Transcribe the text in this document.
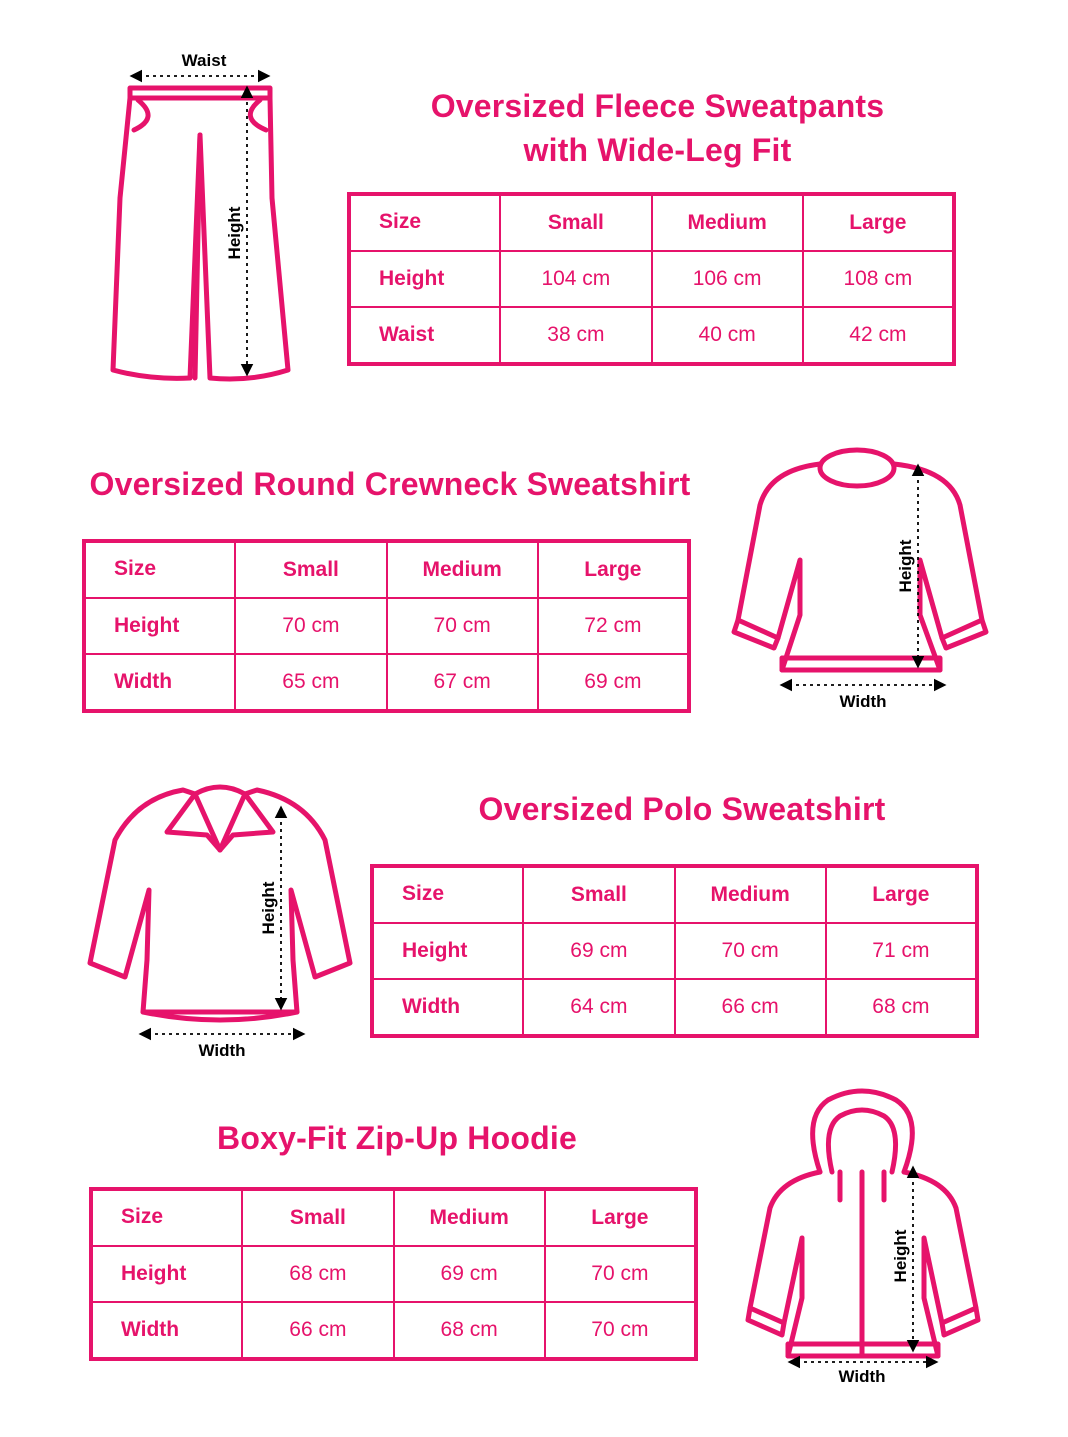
Waist
Height
Oversized Fleece Sweatpants
with Wide-Leg Fit
Size	Small	Medium	Large
Height	104 cm	106 cm	108 cm
Waist	38 cm	40 cm	42 cm
Oversized Round Crewneck Sweatshirt
Size	Small	Medium	Large
Height	70 cm	70 cm	72 cm
Width	65 cm	67 cm	69 cm
Height
Width
Height
Width
Oversized Polo Sweatshirt
Size	Small	Medium	Large
Height	69 cm	70 cm	71 cm
Width	64 cm	66 cm	68 cm
Boxy-Fit Zip-Up Hoodie
Size	Small	Medium	Large
Height	68 cm	69 cm	70 cm
Width	66 cm	68 cm	70 cm
Height
Width
